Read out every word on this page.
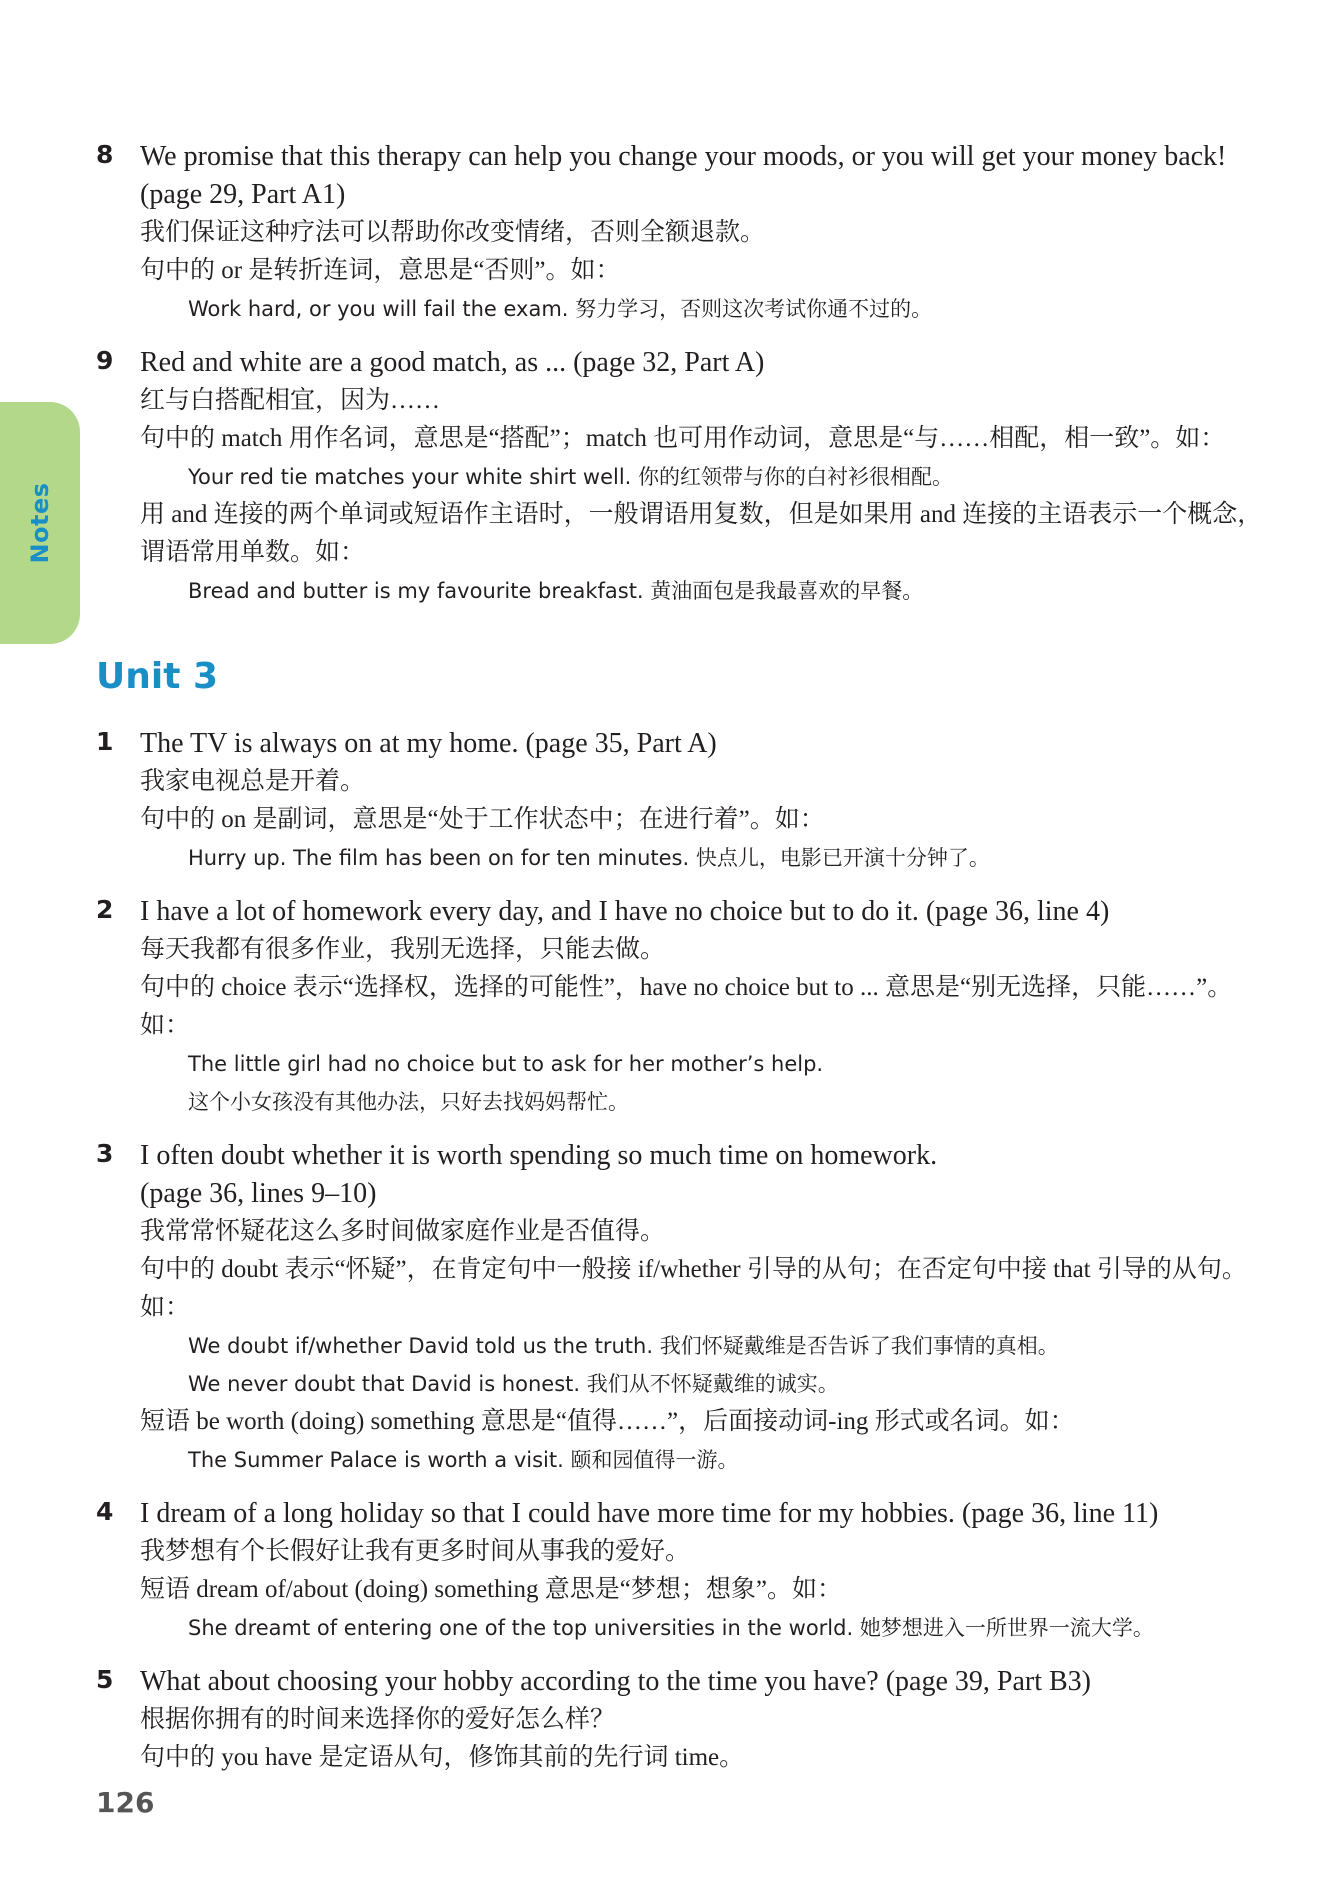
Notes
8 We promise that this therapy can help you change your moods, or you will get your money back! (page 29, Part A1)
我们保证这种疗法可以帮助你改变情绪，否则全额退款。
句中的 or 是转折连词，意思是“否则”。如：
Work hard, or you will fail the exam. 努力学习，否则这次考试你通不过的。
9 Red and white are a good match, as ... (page 32, Part A)
红与白搭配相宜，因为……
句中的 match 用作名词，意思是“搭配”；match 也可用作动词，意思是“与……相配，相一致”。如：
Your red tie matches your white shirt well. 你的红领带与你的白衬衫很相配。
用 and 连接的两个单词或短语作主语时，一般谓语用复数，但是如果用 and 连接的主语表示一个概念，谓语常用单数。如：
Bread and butter is my favourite breakfast. 黄油面包是我最喜欢的早餐。
Unit 3
1 The TV is always on at my home. (page 35, Part A)
我家电视总是开着。
句中的 on 是副词，意思是“处于工作状态中；在进行着”。如：
Hurry up. The film has been on for ten minutes. 快点儿，电影已开演十分钟了。
2 I have a lot of homework every day, and I have no choice but to do it. (page 36, line 4)
每天我都有很多作业，我别无选择，只能去做。
句中的 choice 表示“选择权，选择的可能性”，have no choice but to ... 意思是“别无选择，只能……”。如：
The little girl had no choice but to ask for her mother’s help.
这个小女孩没有其他办法，只好去找妈妈帮忙。
3 I often doubt whether it is worth spending so much time on homework.
(page 36, lines 9–10)
我常常怀疑花这么多时间做家庭作业是否值得。
句中的 doubt 表示“怀疑”，在肯定句中一般接 if/whether 引导的从句；在否定句中接 that 引导的从句。如：
We doubt if/whether David told us the truth. 我们怀疑戴维是否告诉了我们事情的真相。
We never doubt that David is honest. 我们从不怀疑戴维的诚实。
短语 be worth (doing) something 意思是“值得……”，后面接动词-ing 形式或名词。如：
The Summer Palace is worth a visit. 颐和园值得一游。
4 I dream of a long holiday so that I could have more time for my hobbies. (page 36, line 11)
我梦想有个长假好让我有更多时间从事我的爱好。
短语 dream of/about (doing) something 意思是“梦想；想象”。如：
She dreamt of entering one of the top universities in the world. 她梦想进入一所世界一流大学。
5 What about choosing your hobby according to the time you have? (page 39, Part B3)
根据你拥有的时间来选择你的爱好怎么样？
句中的 you have 是定语从句，修饰其前的先行词 time。
126
